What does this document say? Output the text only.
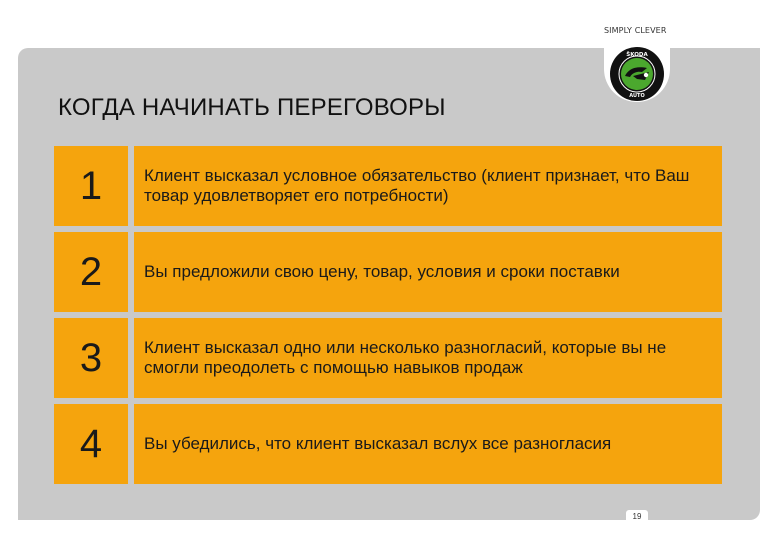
SIMPLY CLEVER
ŠKODA
AUTO
КОГДА НАЧИНАТЬ ПЕРЕГОВОРЫ
1	Клиент высказал условное обязательство (клиент признает, что Ваш товар удовлетворяет его потребности)
2	Вы предложили свою цену, товар, условия и сроки поставки
3	Клиент высказал одно или несколько разногласий, которые вы не смогли преодолеть с помощью навыков продаж
4	Вы убедились, что клиент высказал вслух все разногласия
19
